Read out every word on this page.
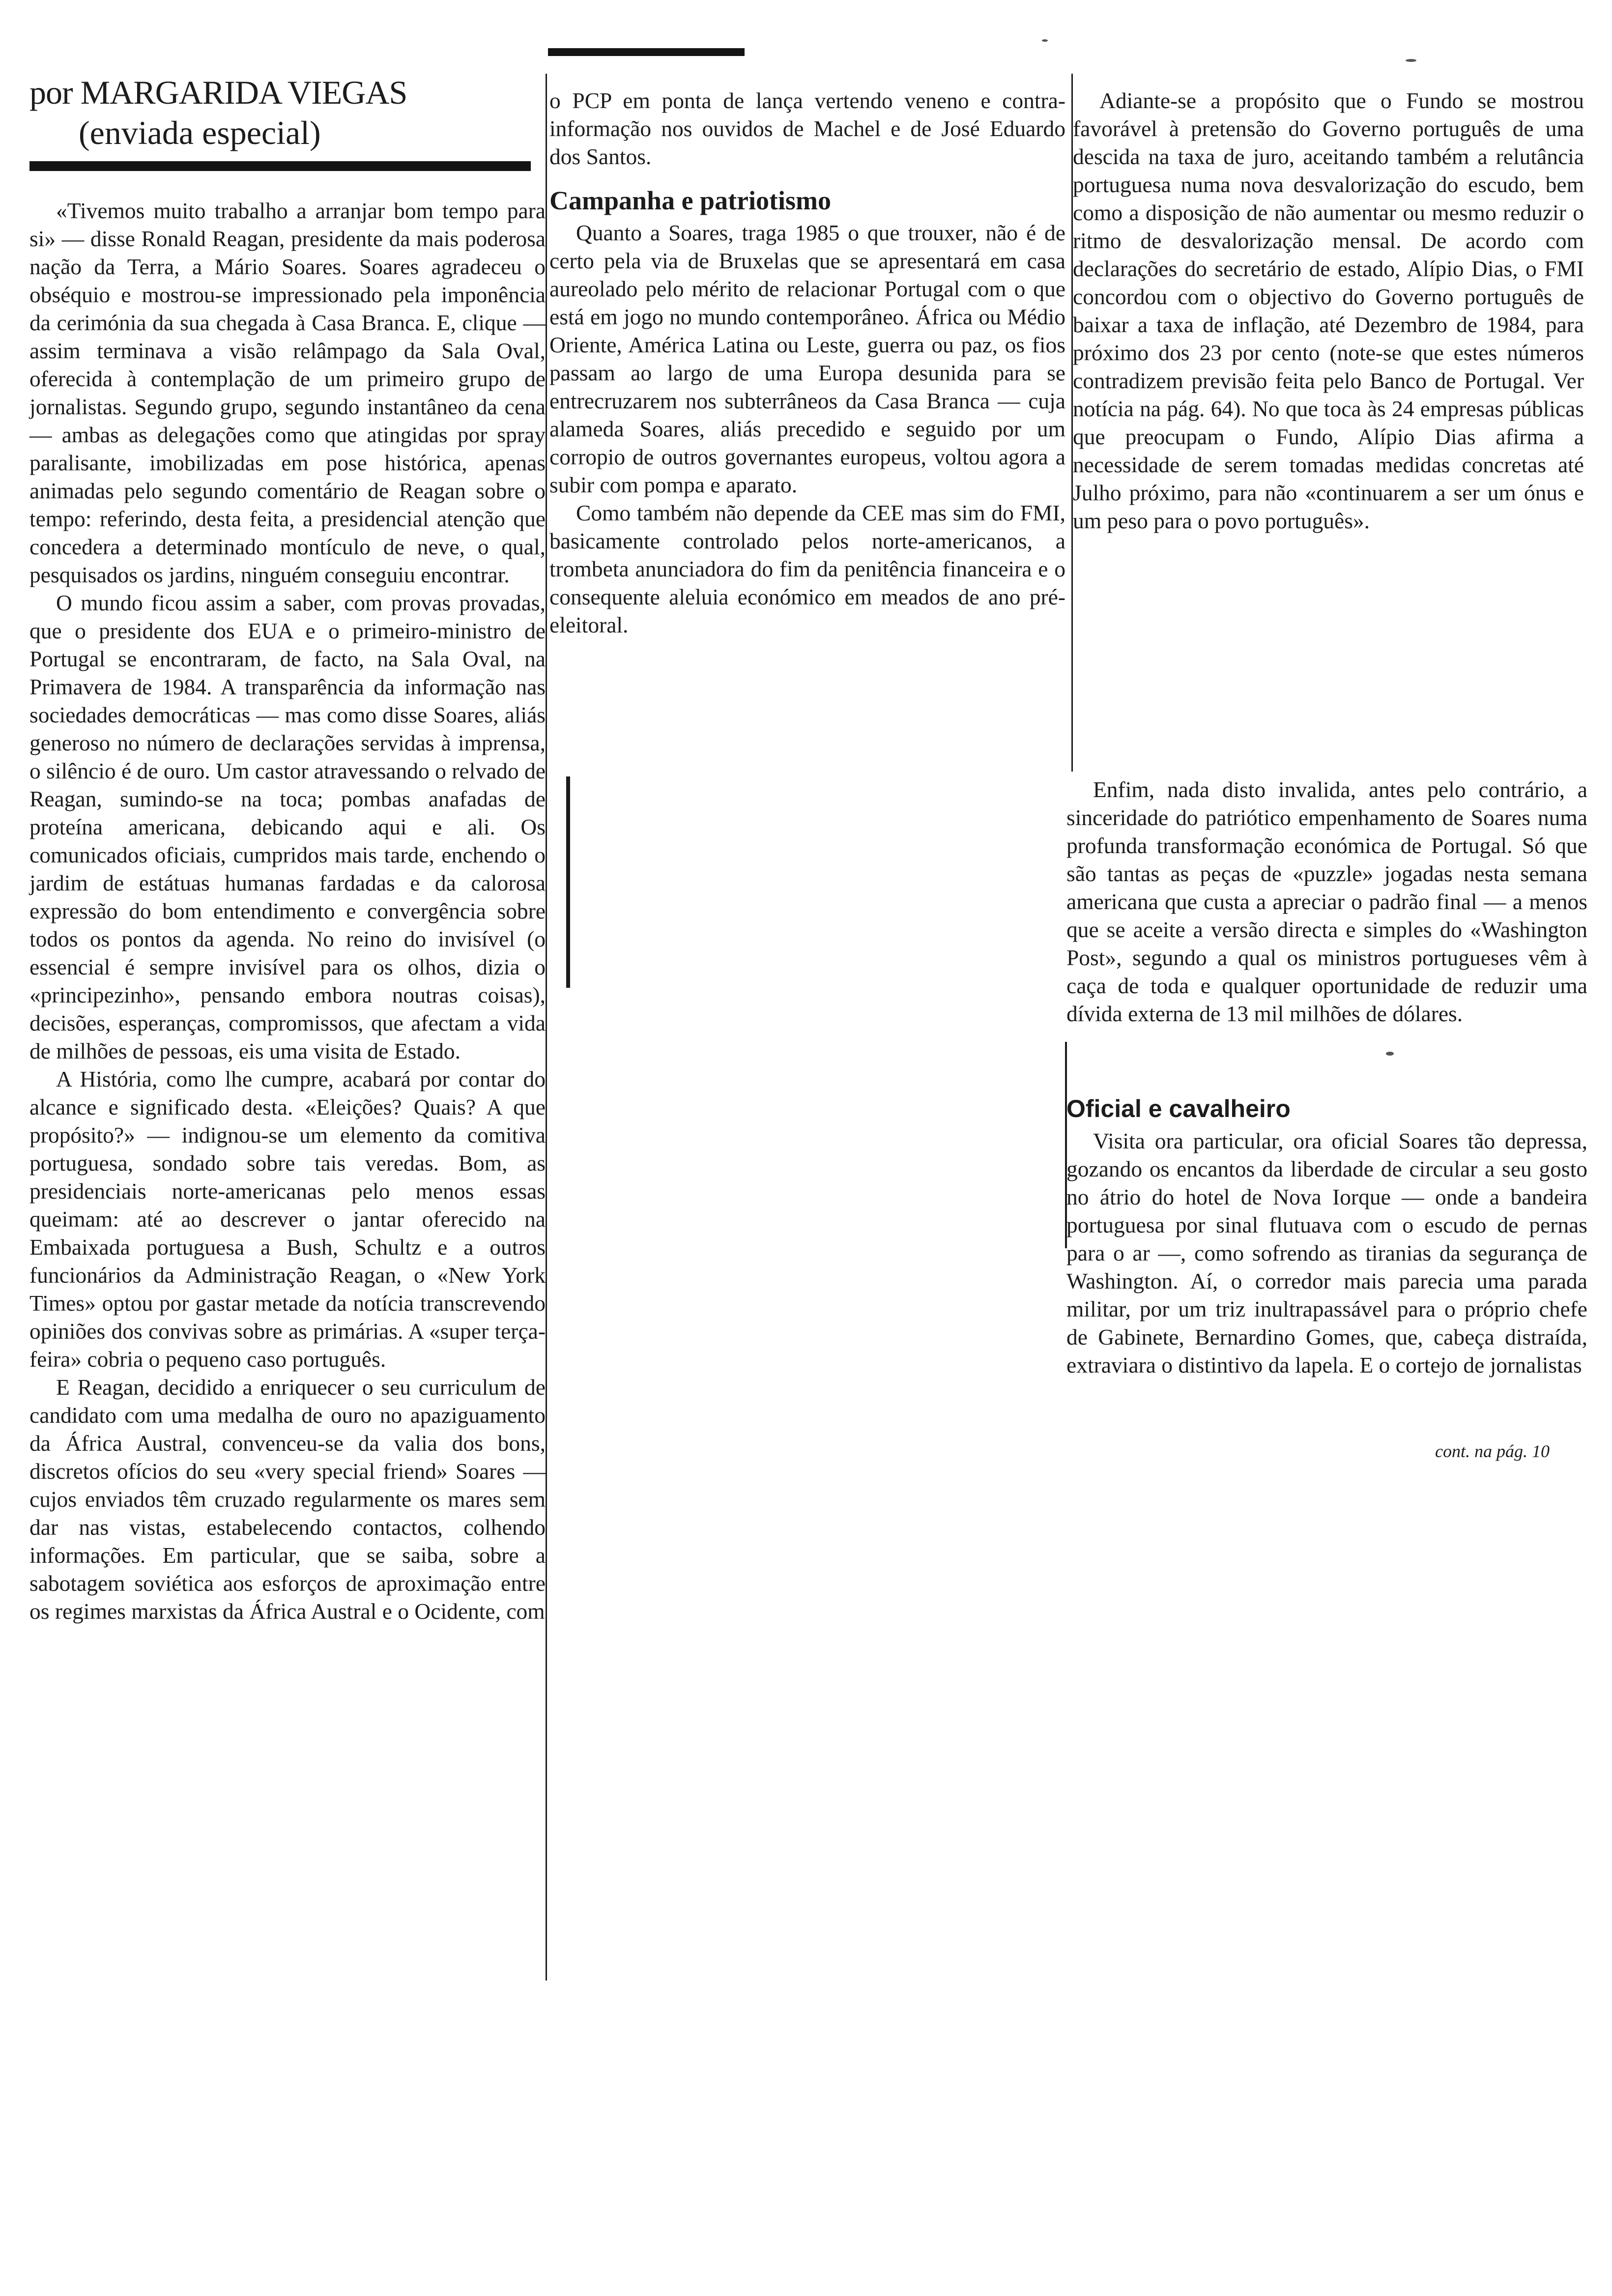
por MARGARIDA VIEGAS
(enviada especial)

«Tivemos muito trabalho a arranjar bom tempo para si» — disse Ronald Reagan, presidente da mais poderosa nação da Terra, a Mário Soares. Soares agradeceu o obséquio e mostrou-se impressionado pela imponência da cerimónia da sua chegada à Casa Branca. E, clique — assim terminava a visão relâmpago da Sala Oval, oferecida à contemplação de um primeiro grupo de jornalistas. Segundo grupo, segundo instantâneo da cena — ambas as delegações como que atingidas por spray paralisante, imobilizadas em pose histórica, apenas animadas pelo segundo comentário de Reagan sobre o tempo: referindo, desta feita, a presidencial atenção que concedera a determinado montículo de neve, o qual, pesquisados os jardins, ninguém conseguiu encontrar.

O mundo ficou assim a saber, com provas provadas, que o presidente dos EUA e o primeiro-ministro de Portugal se encontraram, de facto, na Sala Oval, na Primavera de 1984. A transparência da informação nas sociedades democráticas — mas como disse Soares, aliás generoso no número de declarações servidas à imprensa, o silêncio é de ouro. Um castor atravessando o relvado de Reagan, sumindo-se na toca; pombas anafadas de proteína americana, debicando aqui e ali. Os comunicados oficiais, cumpridos mais tarde, enchendo o jardim de estátuas humanas fardadas e da calorosa expressão do bom entendimento e convergência sobre todos os pontos da agenda. No reino do invisível (o essencial é sempre invisível para os olhos, dizia o «principezinho», pensando embora noutras coisas), decisões, esperanças, compromissos, que afectam a vida de milhões de pessoas, eis uma visita de Estado.

A História, como lhe cumpre, acabará por contar do alcance e significado desta. «Eleições? Quais? A que propósito?» — indignou-se um elemento da comitiva portuguesa, sondado sobre tais veredas. Bom, as presidenciais norte-americanas pelo menos essas queimam: até ao descrever o jantar oferecido na Embaixada portuguesa a Bush, Schultz e a outros funcionários da Administração Reagan, o «New York Times» optou por gastar metade da notícia transcrevendo opiniões dos convivas sobre as primárias. A «super terça-feira» cobria o pequeno caso português.

E Reagan, decidido a enriquecer o seu curriculum de candidato com uma medalha de ouro no apaziguamento da África Austral, convenceu-se da valia dos bons, discretos ofícios do seu «very special friend» Soares — cujos enviados têm cruzado regularmente os mares sem dar nas vistas, estabelecendo contactos, colhendo informações. Em particular, que se saiba, sobre a sabotagem soviética aos esforços de aproximação entre os regimes marxistas da África Austral e o Ocidente, com

o PCP em ponta de lança vertendo veneno e contra-informação nos ouvidos de Machel e de José Eduardo dos Santos.

Campanha e patriotismo

Quanto a Soares, traga 1985 o que trouxer, não é de certo pela via de Bruxelas que se apresentará em casa aureolado pelo mérito de relacionar Portugal com o que está em jogo no mundo contemporâneo. África ou Médio Oriente, América Latina ou Leste, guerra ou paz, os fios passam ao largo de uma Europa desunida para se entrecruzarem nos subterrâneos da Casa Branca — cuja alameda Soares, aliás precedido e seguido por um corropio de outros governantes europeus, voltou agora a subir com pompa e aparato.

Como também não depende da CEE mas sim do FMI, basicamente controlado pelos norte-americanos, a trombeta anunciadora do fim da penitência financeira e o consequente aleluia económico em meados de ano pré-eleitoral.

Adiante-se a propósito que o Fundo se mostrou favorável à pretensão do Governo português de uma descida na taxa de juro, aceitando também a relutância portuguesa numa nova desvalorização do escudo, bem como a disposição de não aumentar ou mesmo reduzir o ritmo de desvalorização mensal. De acordo com declarações do secretário de estado, Alípio Dias, o FMI concordou com o objectivo do Governo português de baixar a taxa de inflação, até Dezembro de 1984, para próximo dos 23 por cento (note-se que estes números contradizem previsão feita pelo Banco de Portugal. Ver notícia na pág. 64). No que toca às 24 empresas públicas que preocupam o Fundo, Alípio Dias afirma a necessidade de serem tomadas medidas concretas até Julho próximo, para não «continuarem a ser um ónus e um peso para o povo português».

Enfim, nada disto invalida, antes pelo contrário, a sinceridade do patriótico empenhamento de Soares numa profunda transformação económica de Portugal. Só que são tantas as peças de «puzzle» jogadas nesta semana americana que custa a apreciar o padrão final — a menos que se aceite a versão directa e simples do «Washington Post», segundo a qual os ministros portugueses vêm à caça de toda e qualquer oportunidade de reduzir uma dívida externa de 13 mil milhões de dólares.

Oficial e cavalheiro

Visita ora particular, ora oficial Soares tão depressa, gozando os encantos da liberdade de circular a seu gosto no átrio do hotel de Nova Iorque — onde a bandeira portuguesa por sinal flutuava com o escudo de pernas para o ar —, como sofrendo as tiranias da segurança de Washington. Aí, o corredor mais parecia uma parada militar, por um triz inultrapassável para o próprio chefe de Gabinete, Bernardino Gomes, que, cabeça distraída, extraviara o distintivo da lapela. E o cortejo de jornalistas

cont. na pág. 10
